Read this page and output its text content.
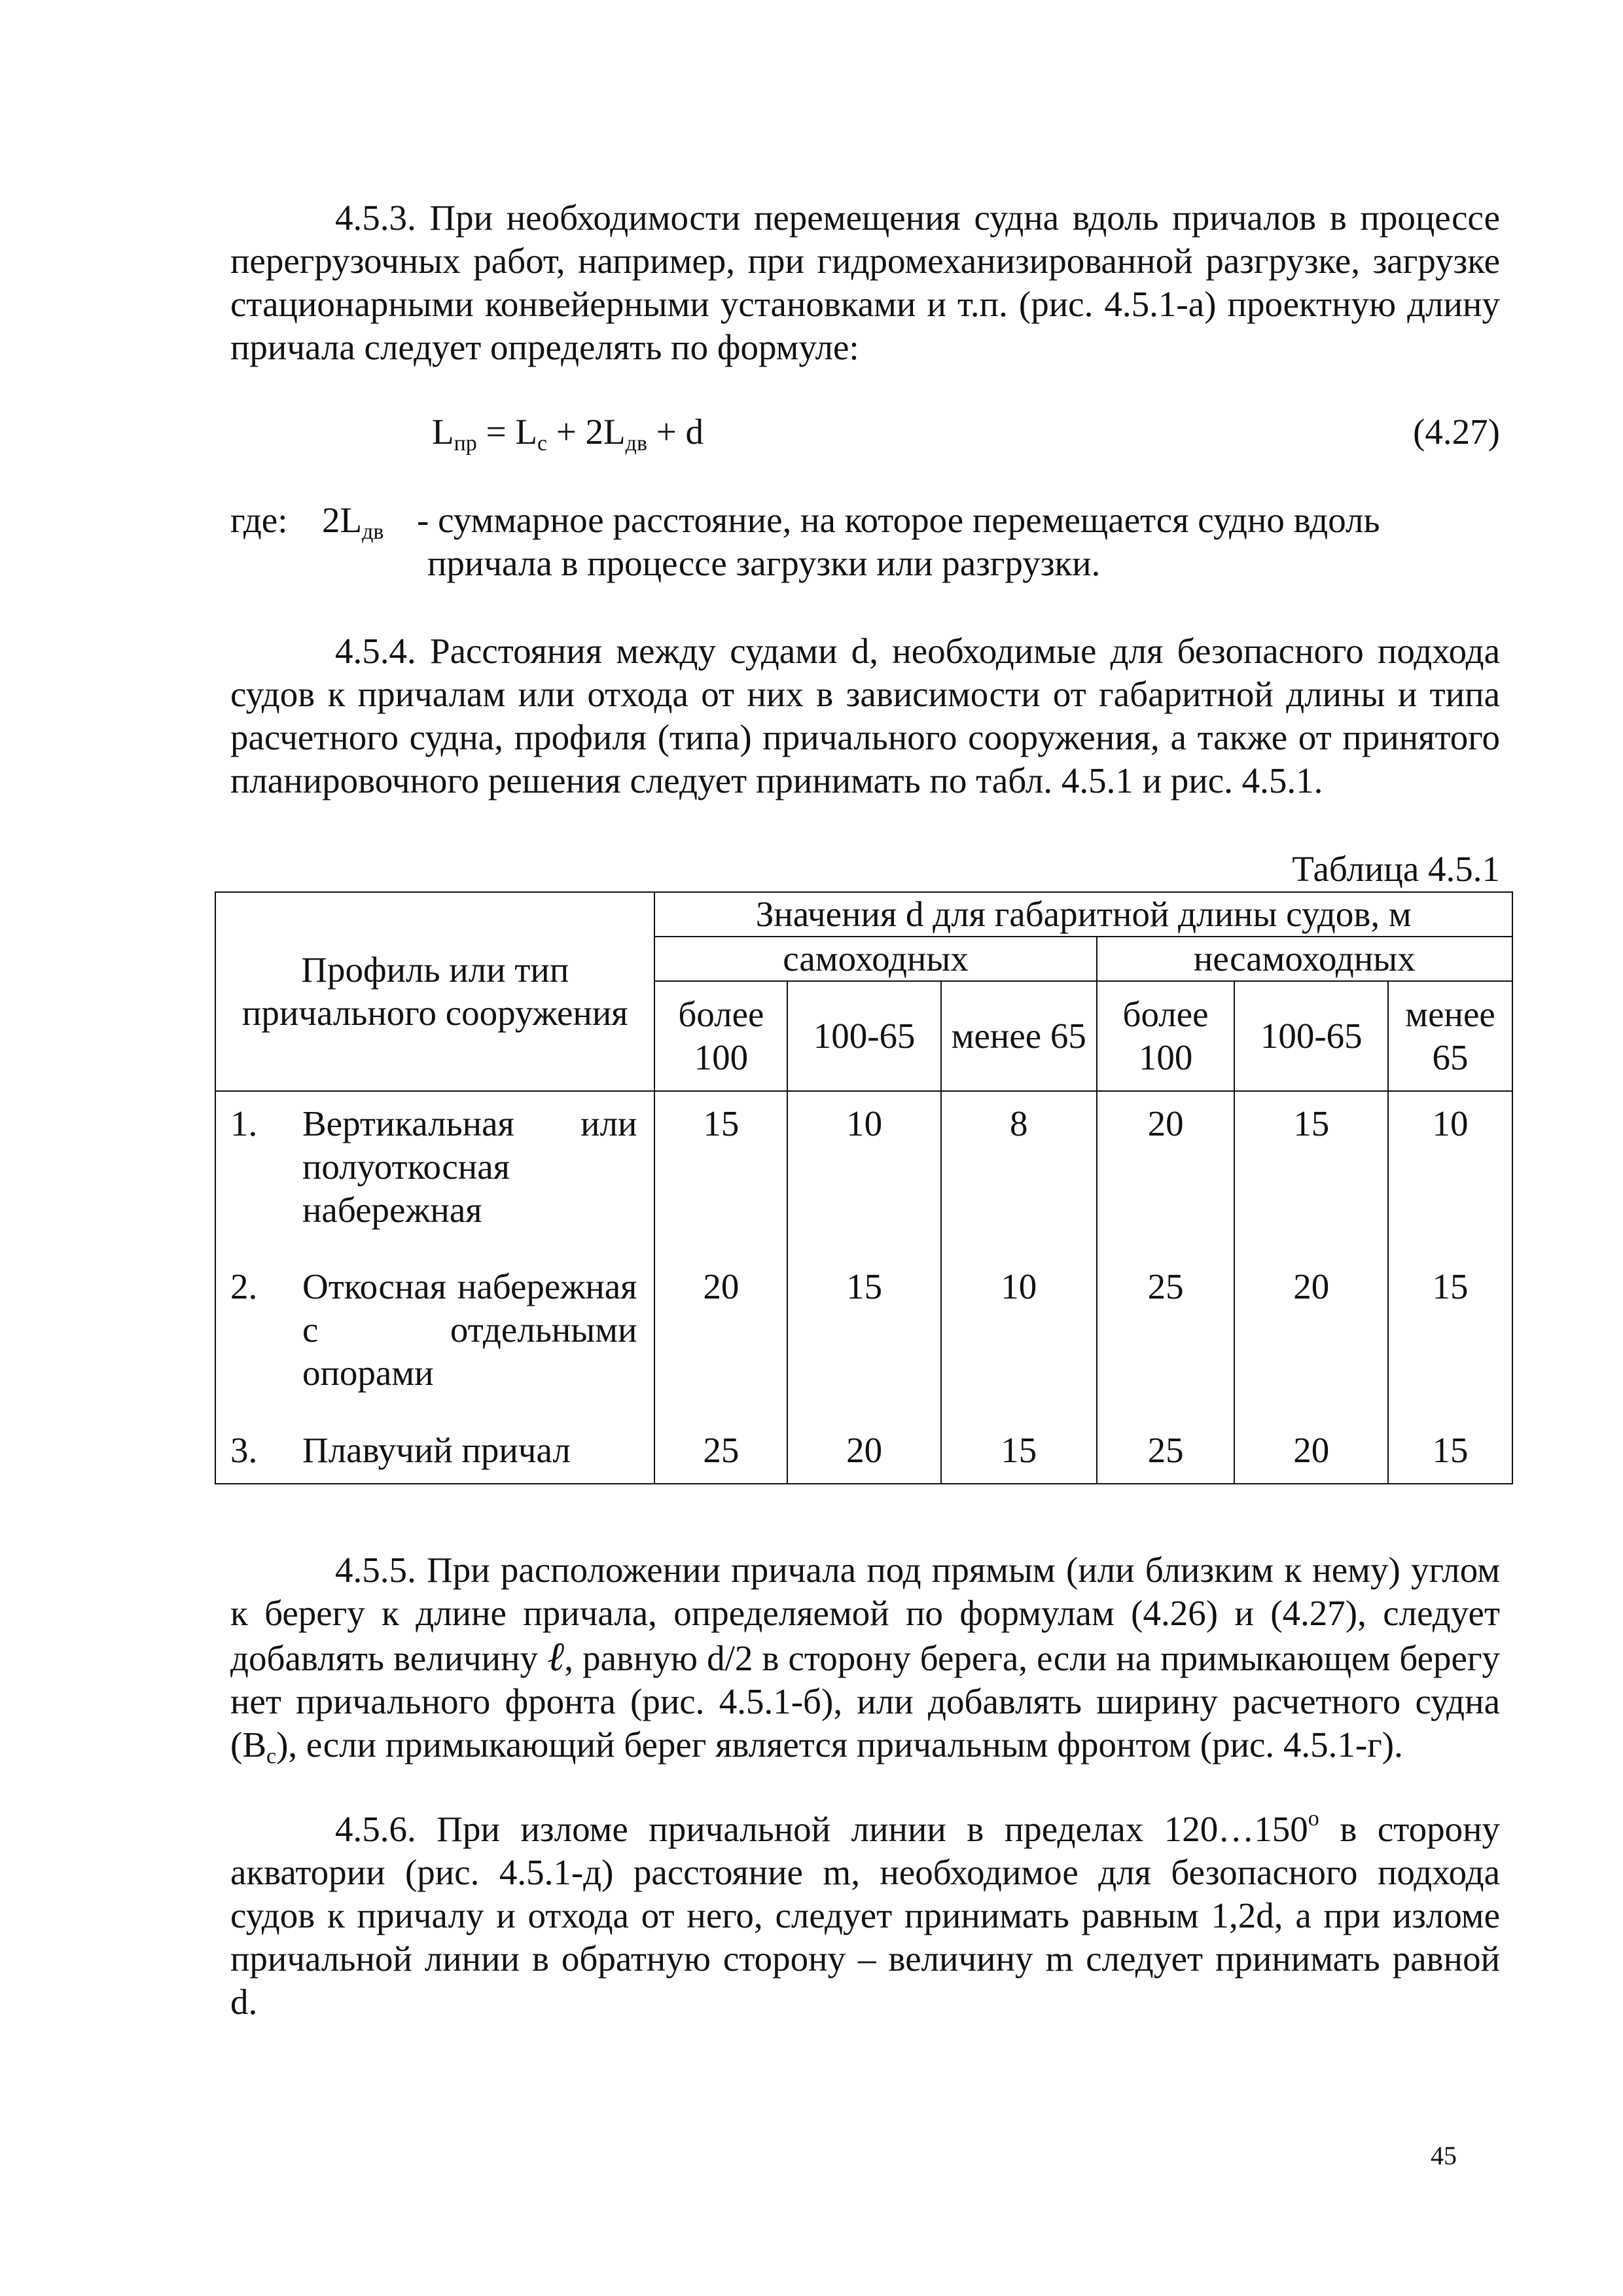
4.5.3. При необходимости перемещения судна вдоль причалов в процессе перегрузочных работ, например, при гидромеханизированной разгрузке, загрузке стационарными конвейерными установками и т.п. (рис. 4.5.1-а) проектную длину причала следует определять по формуле:
$L_{пр} = L_с + 2L_{дв} + d$	(4.27)
где: $2L_{дв}$ - суммарное расстояние, на которое перемещается судно вдоль
причала в процессе загрузки или разгрузки.
4.5.4. Расстояния между судами d, необходимые для безопасного подхода судов к причалам или отхода от них в зависимости от габаритной длины и типа расчетного судна, профиля (типа) причального сооружения, а также от принятого планировочного решения следует принимать по табл. 4.5.1 и рис. 4.5.1.
Таблица 4.5.1
Профиль или тип причального сооружения	Значения d для габаритной длины судов, м					
	самоходных			несамоходных		
	более 100	100-65	менее 65	более 100	100-65	менее 65

1. Вертикальная или полуоткосная набережная	15	10	8	20	15	10

2. Откосная набережная с отдельными опорами	20	15	10	25	20	15

3. Плавучий причал	25	20	15	25	20	15
4.5.5. При расположении причала под прямым (или близким к нему) углом к берегу к длине причала, определяемой по формулам (4.26) и (4.27), следует добавлять величину ℓ, равную d/2 в сторону берега, если на примыкающем берегу нет причального фронта (рис. 4.5.1-б), или добавлять ширину расчетного судна $(B_с)$, если примыкающий берег является причальным фронтом (рис. 4.5.1-г).
4.5.6. При изломе причальной линии в пределах $120\dots 150^о$ в сторону акватории (рис. 4.5.1-д) расстояние m, необходимое для безопасного подхода судов к причалу и отхода от него, следует принимать равным 1,2d, а при изломе причальной линии в обратную сторону – величину m следует принимать равной d.
45
